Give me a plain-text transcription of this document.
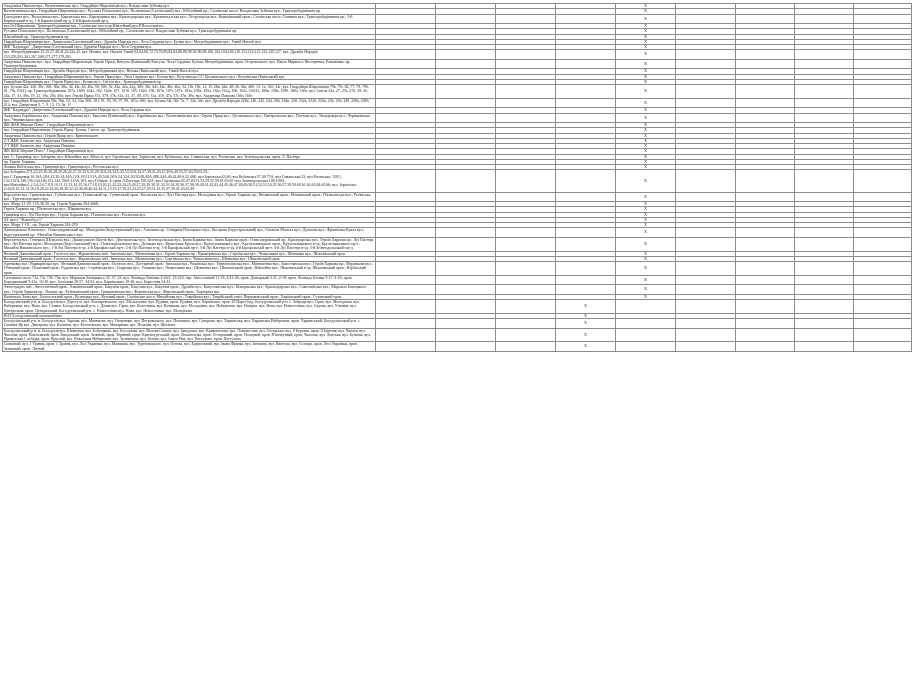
Академіка Павлова вул.; Валентинівська вул.; Гвардійців-Широнінців вул.; Владислава Зубенка вул.					X				
Валентинівська вул.; Гвардійців-Широнінців вул.; Руслана Плохольної вул.; Познанська (Салтівський) вул.; Юбілейний пр.; Салтівське шосе; Владислава Зубенка вул.; Тракторобудівників пр.					X				
Благодатна вул.; Волохівська вул.; Карпатська вул.; Карпущенка вул.; Краснодарська вул.; Кронштадтська вул.; Острогорськ вул.; Куньківський пров.; Салтівське шосе; Совнина вул.; Тракторобудівників пр.; 1-й Карпатський в-зд; 1-й Карпатський пр-д; 2-й Карпатський пр-д					X				
вул.Гв.Широнінців, Тракторобудівників вул., Салтівське шосе,пр.Ювілейний,вул.Р.Плохольного,.					X				
Руслана Плохольної вул.; Познанська (Салтівський) вул.; Юбілейний пр.; Салтівське шосе; Владислава Зубенка вул.; Тракторобудівників пр.					X				
Ювілейний пр.; Тракторобудівників пр.					X				
Гвардійців-Широнінців вул.; Джерельна (Салтівський) вул.; Дружби Народів вул.; Леся Сердюка вул.; Бучми вул.; Метробудівників вул.; Ужвій Наталії вул.					X				
ЖФ "Кадандра"; Джерельна (Салтівський) вул.; Дружби Народів вул.; Леся Сердюка вул.					X				
вул. Метробудівників 15,25,27,40,41,42,42а,43, вул. Нечака, вул. Наталії Ужвій 62,64,66,72,74,76,80,82,84,86,88,90,92,96,98,100,102,104,106,110,112,114,121,123,125,127, вул. Дружби Народів 253,259,261,263,267,269,271,277,279,281					X				
Академіка Павлова вул.; вул. Гвардійців-Широнінців; Героїв Праці; Кнігуча (Київський) Кнігуча; Леся Сердюка; Бучми; Метробудівників; пров. Островського; вул. Павла Мирного; Нестеренка; Романенка; пр. Тракторобудівників					X				
Гвардійців-Широнінців вул.; Дружби Народів вул.; Метробудівників вул.; Нечака (Київський) вул.; Ужвій Наталії вул.					X				
Академіка Павлова вул.; Гвардійців-Широнінців вул.; Героїв Праці вул.; Леся Сердюка вул.; Бучми вул.; Кутузівська С/С Ціолковського вул.; Кутузівська (Київський) вул.					X				
Гвардійців-Широнінців вул.; Героїв Праці вул.; Бучми вул.; Світла вул.; Тракторобудівників пр.					X				
вул. Бучми 42а, 42б, 30е, 30б, 30в, 38а, 44, 44г, 46, 46а, 50, 50б, 52, 44а, 42а, 42д, 40б, 36г, 44з, 44е, 46з, 46а, 52, 18г, 18з, 12, 15, 26в, 44в, 4К 36, 36а, 46б, 13, 1а, 32б, 34г; вул. Гвардійців Широнінців 79в, 79г, 82, 77, 79, 79б, 81, 79а, 81(2); пр. Тракторобудівників 107а, 160б, 162а, 162, 162в, 107, 101б, 105, 162б, 158, 107в, 107г, 107з, 103а, 105в, 105а, 162г, 162д, 160, 162з, 156/41, 160в, 158а, 158б, 160а, 160г; вул. Світла 23а, 27, 27а, 27б, 39, 43, 43а, 17, 41, 39а, 19, 21, 19а, 29а, 49а; вул. Героїв Праці 37а, 37б, 37в, 31а, 41, 37, 49, 47б, 31а, 31б, 47а, 37г, 47в, 49а; вул. Академіка Павлова 160г, 160з					X				
вул. Гвардійців Широнінців 50а, 50в, 52, 54, 54а, 50б, 101, 91, 93, 95, 97, 99, 101а, 66б; вул. Бучми 34г, 30г, 7а, 7, 32в, 34г; вул. Дружби Народів 228а, 240, 242, 244, 246, 234в, 228, 232а, 232б, 232в, 234, 236, 238, 238а, 238б, 214; вул. Джерельна 5, 7, 9, 13, 15, 9а, 11					X				
ЖФ "Кадандра"; Джерельна (Салтівський) вул.; Дружби Народів вул.; Леся Сердюка вул.					X				
Академіка Барабашова вул.; Академіка Павлова вул.; Бакуліна (Київський) вул.; Барабашова вул.; Валентинівська вул.; Героїв Праці вул.; Луганськього вул.; Центральська вул.; Потічна вул.; Тимуровців вул.; Черняківська вул.; Чернявських пров.					X				
ЖК ЖБК Мерлин Плюс", Гвардійців-Широнінців вул.					X				
вул. Гвардійців-Широнінців; Героїв Праці; Бучми; Світла; пр. Тракторобудівників					X				
Академіка Павлова вул.; Героїв Праці вул.; Кричевського					X				
2-Т ЖБК Акантан, вул. Академіка Павлова					X				
2-Т ЖБК Акантан, вул. Академіка Павлова					X				
ЖК ЖБК Мерлин Плюс", Гвардійців-Широнінців вул.					X				
вул. С. Грицевця, вул. Зубарева, вул. Ювілейна, вул. Юності, вул. Горлівська, вул. Зорінська, вул. Кубанська, вул. Сивашська, вул. Роганська, вул. Зеленодольська, пров. Л. Пастера					X				
пр. Героїв Харкова					X				
Ломака Кобзеська вул.; Грицевця вул.; Грицевця вул.; Ростовська вул.					X				
вул.Зубарева;27А,23,25,30,26,28,20,26,24,27,35,35А,31,29,32А,34,34А,35,53,33А,33,37,39,41,43,47,49А,49,55,57,63,59,61,53,; вул.С.Грицевця:16,16А,20А,12,20,14,14А,12А,18,51,51А,45,54А,50А,54,52А,50,50,48,48А,48Б,44А,46,42,46А,52,46Б; вул.Зорінська:43,46; вул.Кубанська:57,40,75А; вул.Сивашська:33; вул.Роганська: 150/1, 132,132А,140,156,144,146,152,142,156А,143А,165; вул.Губкіна: 4; пров.Л.Пастера:150,32А; вул.Горлівська:45,47,49,51,53,55,57,59,61,63,65; вул.Зеленодольська:108,108А; вул.Ювілейна:1,2,3,4,5,6,7,8,9,10,11,12,13,14,15,16,17,18,19,20,21,22,23,24,25,26,27,28,29,30,31,32,33,34,35,36,37,38,39,40,41,42,43,44,45,46,47,48,49,50,51,52,53,54,55,56,57,58,59,60,61,62,63,64,65,66; вул. Зорінська: 2,4,6,8,10,12,14,16,18,20,22,24,26,28,30,32,34,36,38,40,42,44,11,13,15,17,19,21,23,25,27,29,31,33,35,37,39,41,43,45,49					X				
Верстатна вул.; Грицевця вул.; Губкінська вул.; Гутянський пр.; Гутянський пров.; Котласька вул.; Лугі Пастера вул.; Молодіжна вул.; Героїв Харкова пр.; Неманський пров.; Неманський пров.; П'ятихатська вул.; Роганська вул.; Тургеногорського вул.					X				
вул. Миру 21-29, 11А,5Б,5б, пр. Героїв Харкова 264-266Е,					X				
Героїв Харкова пр.; П'ятихатська вул.; Шарикова вул.					X				
Грицевця вул.; Луї Пастера вул.; Героїв Харкова пр.; П'ятихатська вул.; Роганська вул.					X				
АТ трест "Житлобуд-1"					X				
вул. Миру 1-18, , пр. Героїв Харкова 244-259					X				
Дашкедзького Кіптів вул.; Олександрівський пр.; Молодіжна (Індустріальний) вул.; Алешина пр.; Северина Потоцького вул.; Косарєва (Індустріальний) вул.; Ольміча Момота вул.; Душкова вул.; Франтішка Крала вул.; Індустріальний пр.; Михайла Вишинського вул.					X				
Верстатна вул.; Генерала Шумілова вул.; Дашкедзького Кіптів вул.; Дністровська вул.; Зеленодольська вул.; Івана Каркача вул.; Івана Каркача пров.; Олександрівський пр.; Красноярська вул.; Героїв Харкова пр.; Луї Пастера вул.; Луї Пастера пров.; Молодіжна (Індустріальний) вул.; Помоморськівська вул.; Душкова вул.; Франтішка Крала вул.; Кручельницького вул.; Кручельницького пров.; Кручельницького в-зд; Кручельницького пр-т; Михайла Вишинського вул.; 1-й Луї Пастера в-зд; 2-й Бірофільськй пр-т; 2-й Луї Пастера в-зд; 3-й Бірофільськй пр-т; 3-й Луї Пастера в-зд; 4-й Бірофільськй пр-т; 4-й Луї Пастера в-зд; 5-й Зеленодольський пр-д					X				
Великий Данилівський пров.; Гастелло вул.; Журавлівська наб.; Ізюмська вул.; Матюшенка вул.; Героїв Харкова пр.; Примерівська вул.; Сергіївська вул.; Чепкосвина вул.; Шевченка вул.; Шпилівський пров.					X				
Великий Данилівський пров.; Гастелло вул.; Журавлівська наб.; Ізюмська вул.; Матюшенка вул.; Сергіївська вул.; Чепкосвина вул.; Шевченка вул.; Шпилівський пров.					X				
Артемівка вул.; Варварівська вул.; Великий Данилівський пров.; Гастелло вул.; Догтарний пров.; Ізюмська вул.; Рижівська вул.; Тернополівська вул.; Матюшенка вул.; Замостянська вул.; Героїв Харкова пр.; Мураньова вул.; Обводний пров.; Пошговий пров.; Рудківська вул.; Сергіївська вул.; Спартака вул.; Ушакова вул.; Чепкосвина вул.; Шевченка вул.; Шпилівський пров.; Ювілейна вул.; Шпилівський в-зд; Шпилівський пров.; Юр'ївський пров.					X				
Салтівське шосе 71а, 73г, 73б, 73в; вул. Маршала Батицького 35, 37, 22; вул. Леонида Левенка 4-26/2, 13-210; пер. Автостатний 11-33; 4/41-26; пров. Донецький 3-21, 2-18; пров. Леонида Боєнка 5-17, 4-16; пров. Бородянський 9-23а, 16-30; вул. Алхімова 29-57, 34-52; вул. Харківських 10-26; вул. Берестова 24-42					X				
Автостраднs наб.; Автостаттний пров.; Азматинський пров.; Бакуліна пров.; Бакуліна вул.; Бакуліна пров.; Дружби вул.; Капустянська вул.; Кемерівська вул.; Краснодарська вул.; Самсонівська вул.; Маршала Батицького вул.; Героїв Харкова пр.; Пацаку пр.; Рубежанський пров.; Грищатинська вул.; Ферганська вул.; Ферганський пров.; Харгеріна вул.					X				
Камінська Зоєва вул.; Белоостогний пров.; Кузнецька вул.; Кутовий пров.; Салтівське шосе; Михайлова вул.; Таврійська вул.; Таврійський узвіз; Перкововський пров.; Харківський пров.; Гутянський пров.					X				
Богодухівський р-н, м. Богодухів вул. Дерстуса, вул. Котляревського, вул. Москаленко, вул. Рудівка, пров. Рудівка, вул. Харківська, пров. 20 Партз'їзду; Богодухівський р-н, с. Забродя вул. Гірна, вул. Молодіжна, вул. Набережна, вул. Нова, вул. Сільвас Богодухівський р-н, с. Дачна вул. Гірна, вул. Колесника, вул. Куликова, вул. Молодіжна, вул. Набережна, вул. Нагірна, вул. Нова, вул. Новоселівка, вул. Садова, вул. Учнівна, вул. Центральна, пров. Центральний; Богодухівський р-н, с. Новоселівка вул. Нова, вул. Новоселівка, вул. Молодіжна				X					
НАТ Богодухівський молокомбінат				X					
Богодухівський р-н, м. Богодухів вул. Зарічна, вул. Матюкова, вул. Озерченко, вул. Петровського, вул. Поповича, вул. Суворова, вул. Харківська, вул. Харківська Набережна, пров. Харківський; Богодухівський р-н, с. Семенів Яр вул. Дмитрова, вул. Калініна, вул. Котляєвська, вул. Макаренка, вул. Польова, вул. Шкільна				X					
Богодухівський р-н, м. Богодухів вул. Шевченка, вул. Бабушкова, вул. Бессонова, вул. Віталія Сапєна, вул. Заводська, вул. Кривоносова, вул. Ломоносова, вул. Остерська, вул. 8 Березня, пров. 8 Березня, вул. Чапаєв, вул. Чкалова, пров. Вокзальний, пров. Заводський, пров. Зелений, пров. Тернний, пров. Красноуртський, пров. Ломоносова, пров. Остерський, пров. Пошдний, пров. П'ятихутний, пров. Чкалова, вул. Ленська, вул. Бузкова, вул. Приволзька Слобідка, пров. Круглий, вул. Вокзальна Набережна, вул. Залізнична, вул. Зелена, вул. Свята Ріка, вул. Пастухова, пров. Пастухова				X					
Сонячний, вул. 1 Травня, пров. 1 Травня, вул. Лісі Українки, вул. Мазикова, вул. Туреновського, вул. Огнєва, вул. Будівельний, вул. Івана Франка, вул. Затишна, вул. Вапчука, вул. Сосюра, пров. Лесі Українки, пров. Затишний, пров. Лесний				X					
